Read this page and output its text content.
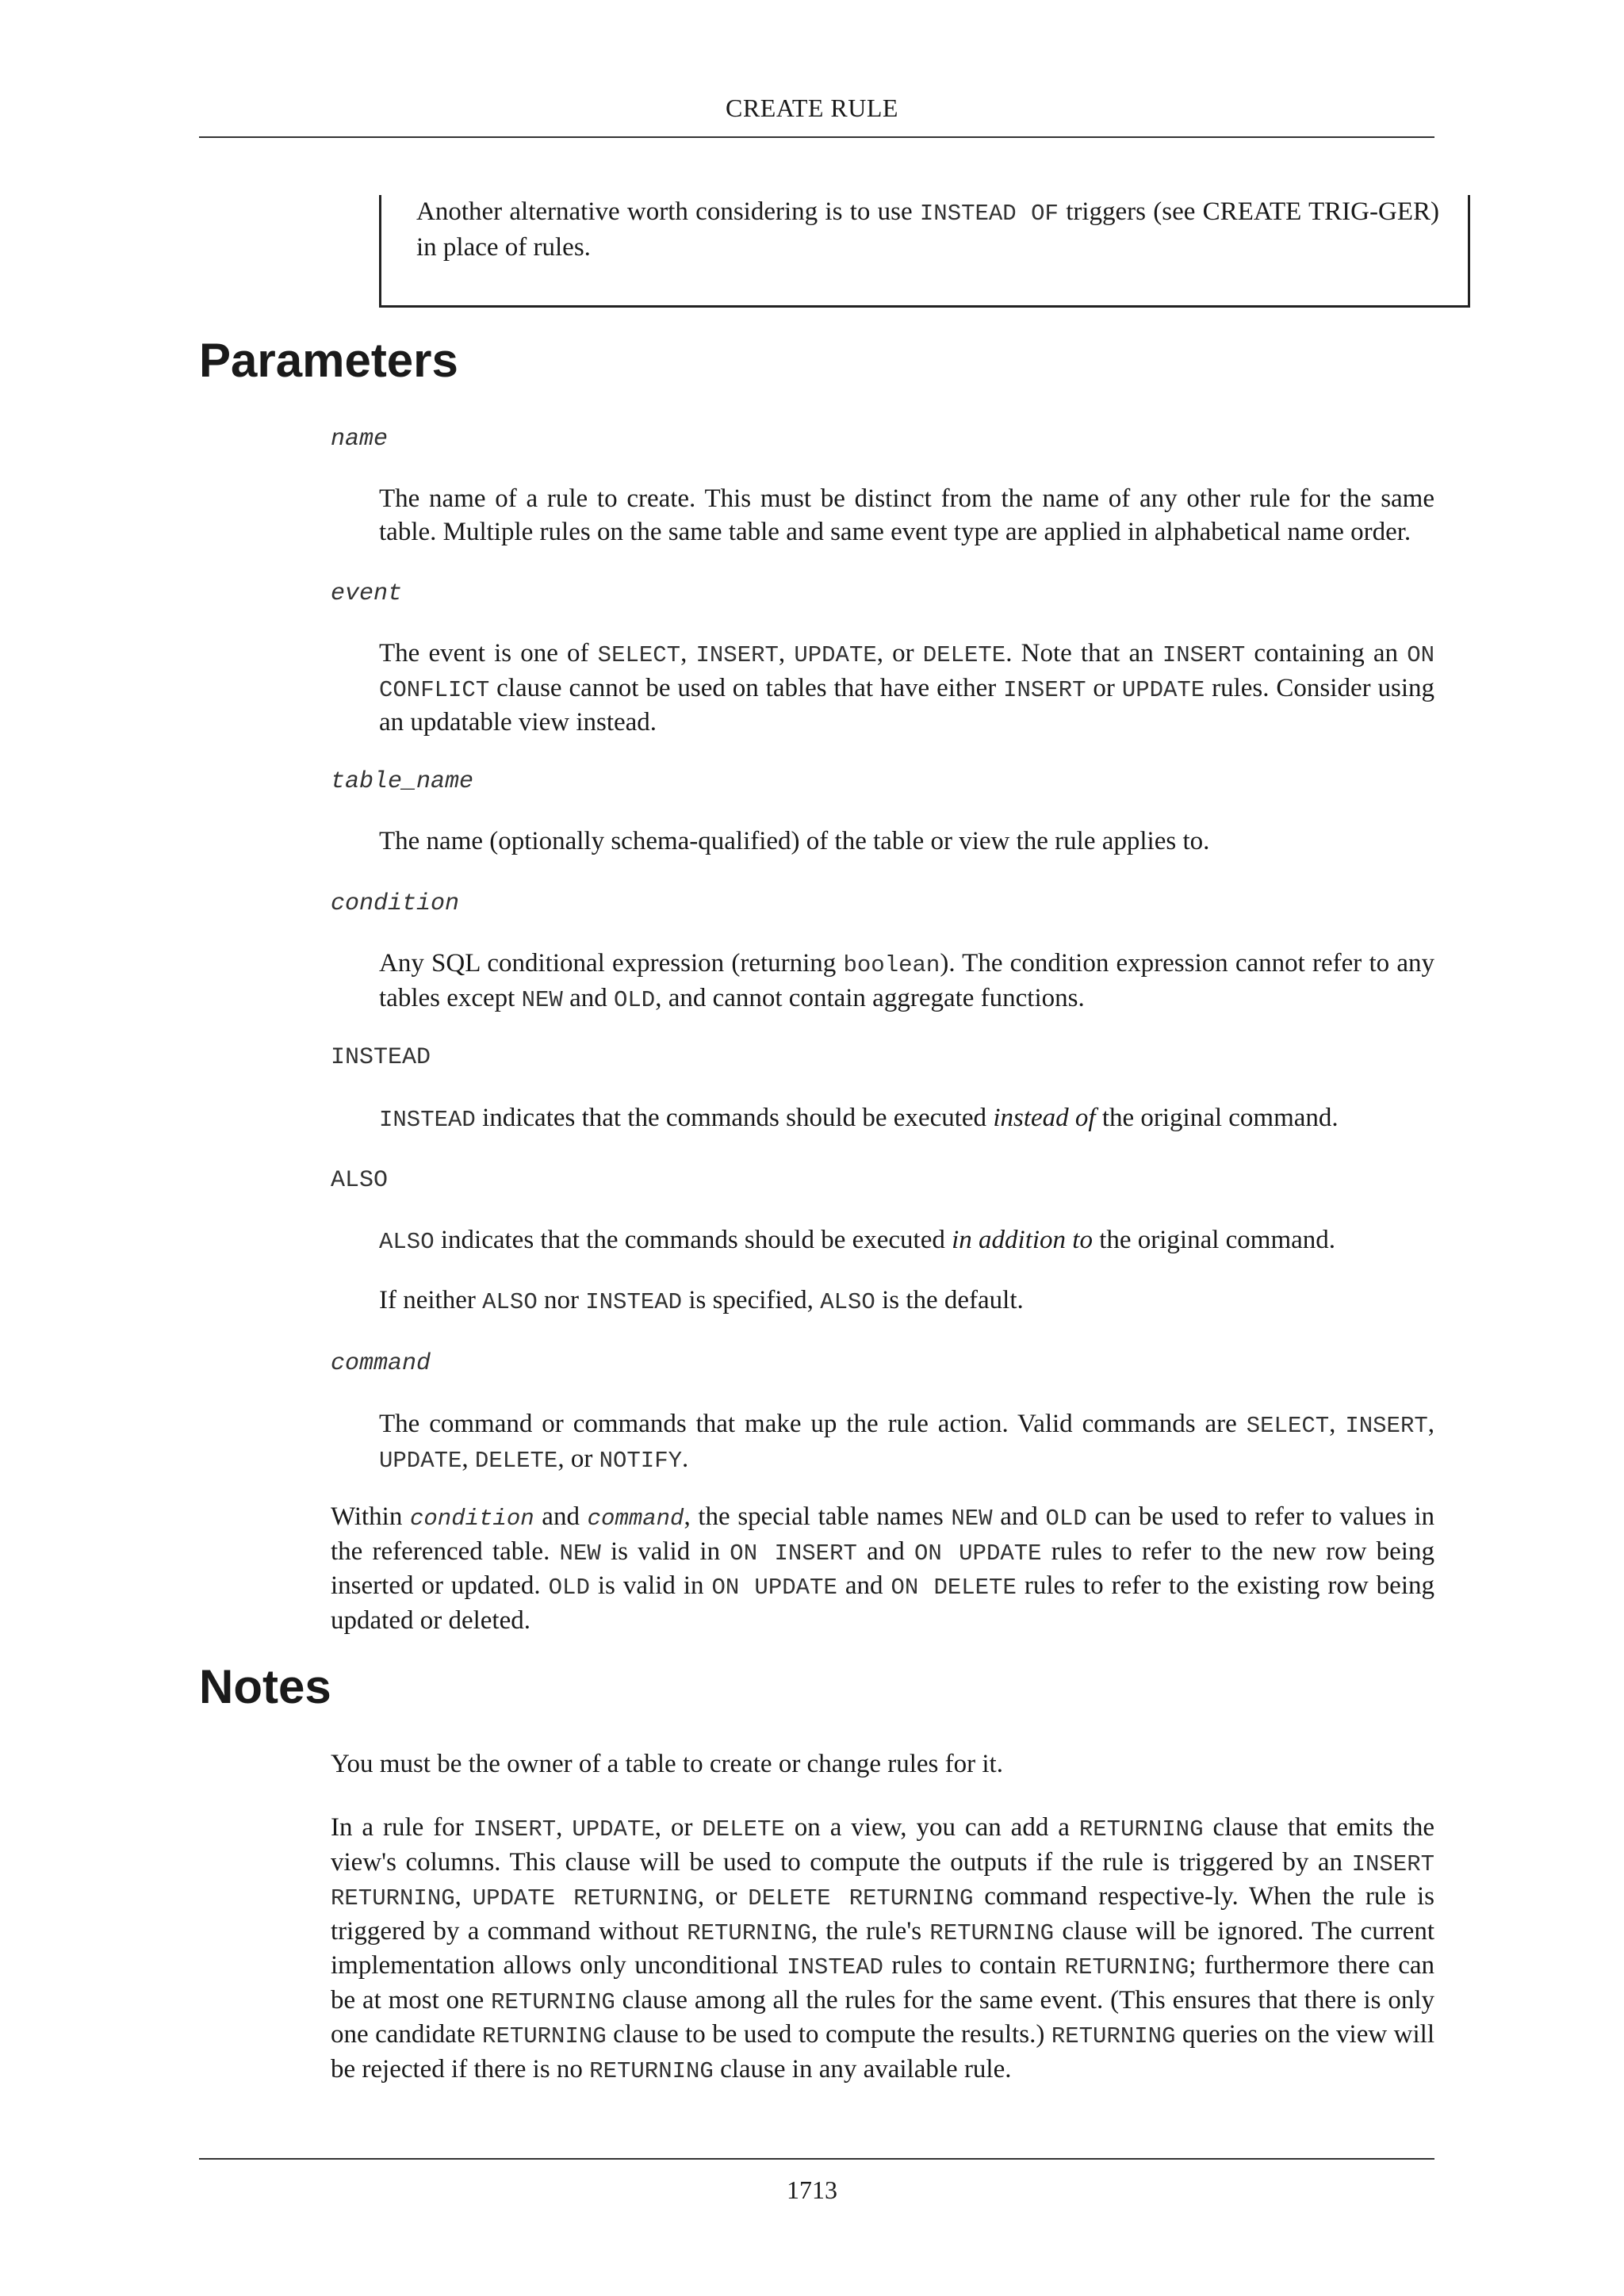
CREATE RULE

Another alternative worth considering is to use INSTEAD OF triggers (see CREATE TRIG-GER) in place of rules.

Parameters
name

The name of a rule to create. This must be distinct from the name of any other rule for the same table. Multiple rules on the same table and same event type are applied in alphabetical name order.

event

The event is one of SELECT, INSERT, UPDATE, or DELETE. Note that an INSERT containing an ON CONFLICT clause cannot be used on tables that have either INSERT or UPDATE rules. Consider using an updatable view instead.

table_name

The name (optionally schema-qualified) of the table or view the rule applies to.

condition

Any SQL conditional expression (returning boolean). The condition expression cannot refer to any tables except NEW and OLD, and cannot contain aggregate functions.

INSTEAD

INSTEAD indicates that the commands should be executed instead of the original command.

ALSO

ALSO indicates that the commands should be executed in addition to the original command.

If neither ALSO nor INSTEAD is specified, ALSO is the default.

command

The command or commands that make up the rule action. Valid commands are SELECT, INSERT, UPDATE, DELETE, or NOTIFY.

Within condition and command, the special table names NEW and OLD can be used to refer to values in the referenced table. NEW is valid in ON INSERT and ON UPDATE rules to refer to the new row being inserted or updated. OLD is valid in ON UPDATE and ON DELETE rules to refer to the existing row being updated or deleted.

Notes

You must be the owner of a table to create or change rules for it.

In a rule for INSERT, UPDATE, or DELETE on a view, you can add a RETURNING clause that emits the view's columns. This clause will be used to compute the outputs if the rule is triggered by an INSERT RETURNING, UPDATE RETURNING, or DELETE RETURNING command respective-ly. When the rule is triggered by a command without RETURNING, the rule's RETURNING clause will be ignored. The current implementation allows only unconditional INSTEAD rules to contain RETURNING; furthermore there can be at most one RETURNING clause among all the rules for the same event. (This ensures that there is only one candidate RETURNING clause to be used to compute the results.) RETURNING queries on the view will be rejected if there is no RETURNING clause in any available rule.

1713
